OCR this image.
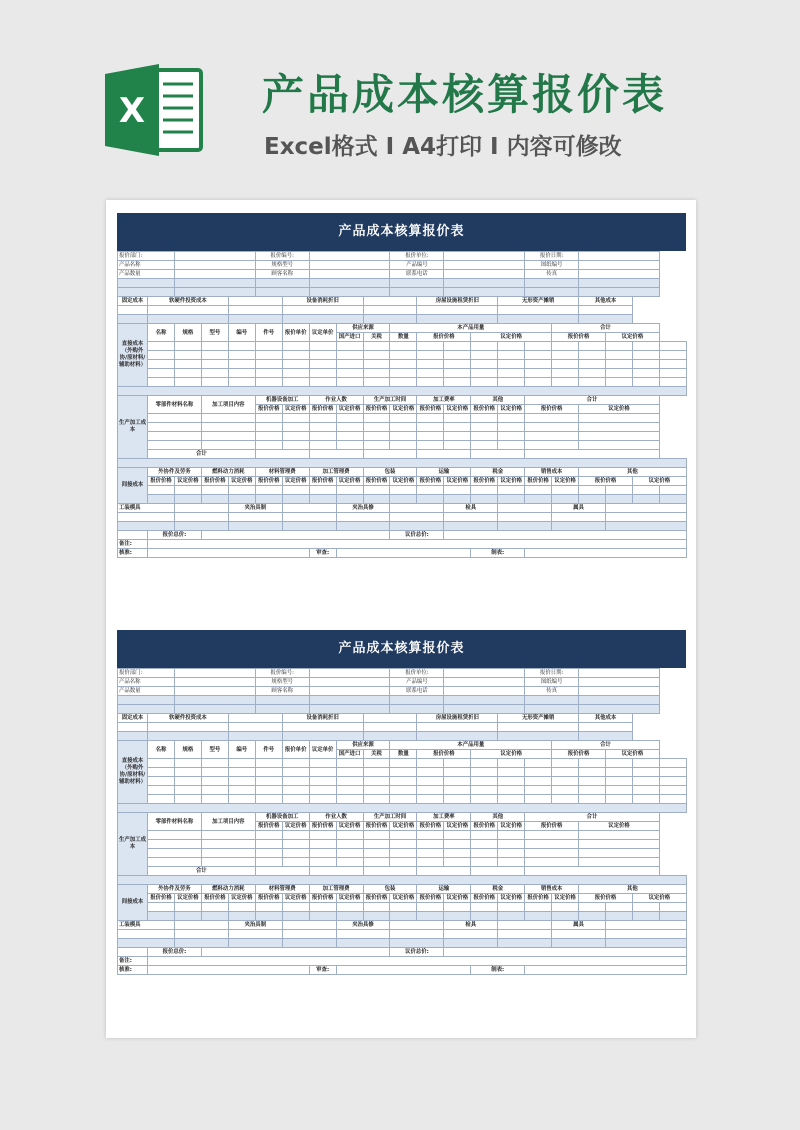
X	产品成本核算报价表
Excel格式 I A4打印 I 内容可修改
产品成本核算报价表
报价部门:					报价编号:					报价单位:					报价日期:					
产品名称					规格型号					产品编号					图纸编号					
产品数量					顾客名称					联系电话					传真					

固定成本	软硬件投资成本					设备消耗折旧					房屋设施租赁折旧			无形资产摊销			其他成本			

直接成本（外购外协/原材料/辅助材料）	名称	规格	型号	编号	件号	报价单价	议定单价	供应来源		本产品用量						合计				
								国产进口	关税	数量	报价价格		议定价格			报价价格		议定价格		

生产加工成本	零部件材料名称		加工项目内容		机器设备加工		作业人数		生产加工时间		加工费率		其他		合计					
					报价价格	议定价格	报价价格	议定价格	报价价格	议定价格	报价价格	议定价格	报价价格	议定价格	报价价格		议定价格			

	合计																			

间接成本	外协件及劳务		燃料动力消耗		材料管理费		加工管理费		包装		运输		税金		销售成本		其他			
	报价价格	议定价格	报价价格	议定价格	报价价格	议定价格	报价价格	议定价格	报价价格	议定价格	报价价格	议定价格	报价价格	议定价格	报价价格	议定价格	报价价格		议定价格	

工装模具				夹治具制				夹治具修				检具				属具				

	报价总价:									议价总价:										
备注:																				
核准:							审查:						制表:							
产品成本核算报价表
报价部门:					报价编号:					报价单位:					报价日期:					
产品名称					规格型号					产品编号					图纸编号					
产品数量					顾客名称					联系电话					传真					

固定成本	软硬件投资成本					设备消耗折旧					房屋设施租赁折旧			无形资产摊销			其他成本			

直接成本（外购外协/原材料/辅助材料）	名称	规格	型号	编号	件号	报价单价	议定单价	供应来源		本产品用量						合计				
								国产进口	关税	数量	报价价格		议定价格			报价价格		议定价格		

生产加工成本	零部件材料名称		加工项目内容		机器设备加工		作业人数		生产加工时间		加工费率		其他		合计					
					报价价格	议定价格	报价价格	议定价格	报价价格	议定价格	报价价格	议定价格	报价价格	议定价格	报价价格		议定价格			

	合计																			

间接成本	外协件及劳务		燃料动力消耗		材料管理费		加工管理费		包装		运输		税金		销售成本		其他			
	报价价格	议定价格	报价价格	议定价格	报价价格	议定价格	报价价格	议定价格	报价价格	议定价格	报价价格	议定价格	报价价格	议定价格	报价价格	议定价格	报价价格		议定价格	

工装模具				夹治具制				夹治具修				检具				属具				

	报价总价:									议价总价:										
备注:																				
核准:							审查:						制表:							
